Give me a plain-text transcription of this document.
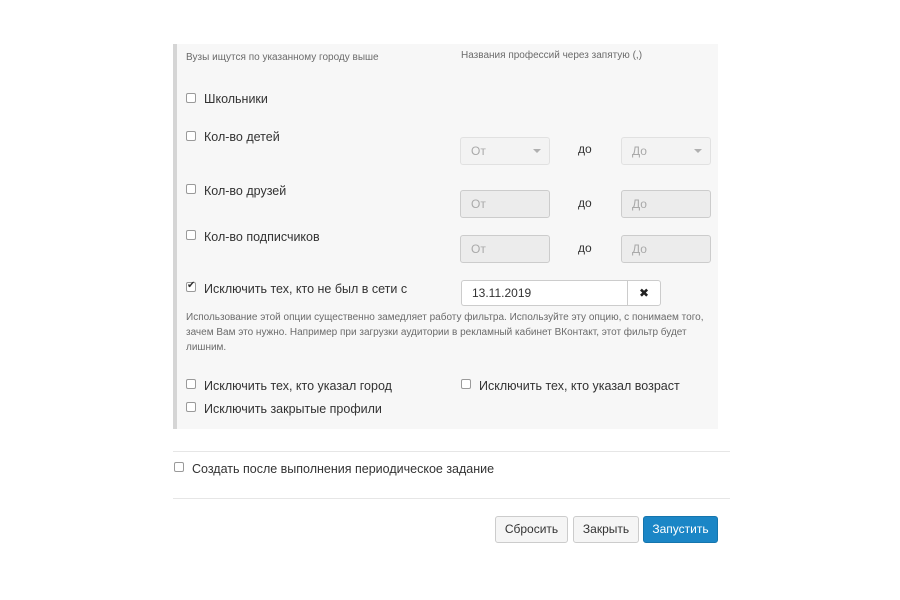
Вузы ищутся по указанному городу выше	Названия профессий через запятую (,)
Школьники
Кол-во детей
От	до	До
Кол-во друзей
От	до	До
Кол-во подписчиков
От	до	До
✔
Исключить тех, кто не был в сети с	13.11.2019	✖
Использование этой опции существенно замедляет работу фильтра. Используйте эту опцию, с понимаем того, зачем Вам это нужно. Например при загрузки аудитории в рекламный кабинет ВКонтакт, этот фильтр будет лишним.
Исключить тех, кто указал город	Исключить тех, кто указал возраст
Исключить закрытые профили
Создать после выполнения периодическое задание
Сбросить	Закрыть	Запустить
